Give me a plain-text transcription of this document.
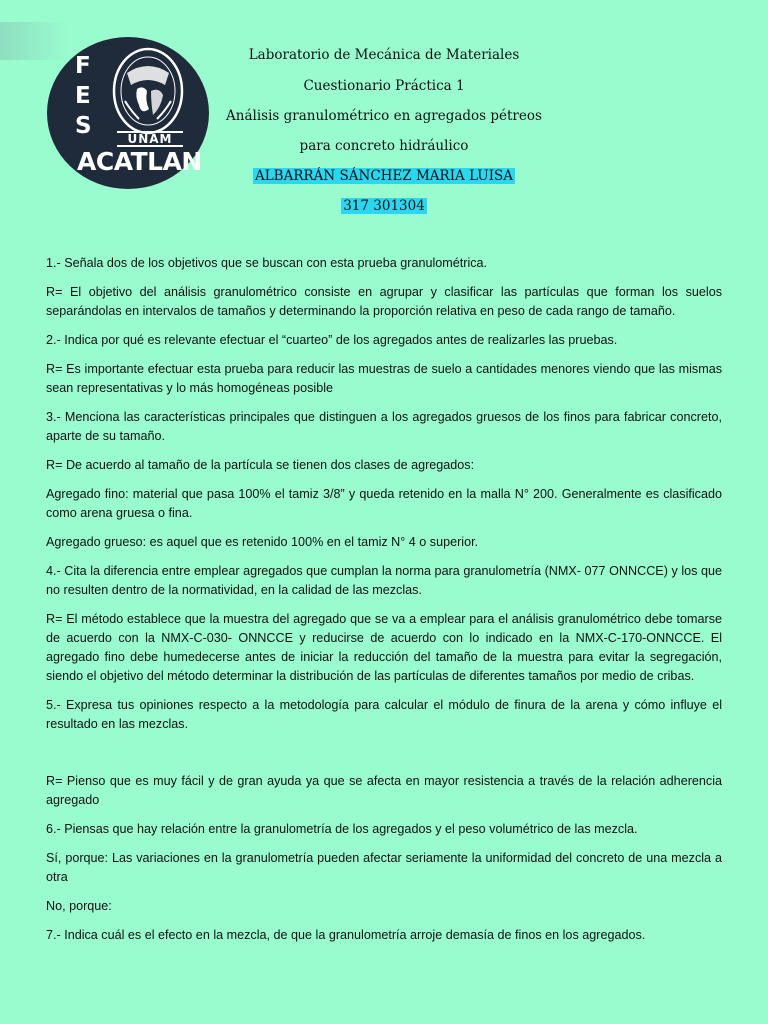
F
E
S	UNAM
ACATLAN
Laboratorio de Mecánica de Materiales
Cuestionario Práctica 1
Análisis granulométrico en agregados pétreos
para concreto hidráulico
ALBARRÁN SÁNCHEZ MARIA LUISA
317 301304

1.- Señala dos de los objetivos que se buscan con esta prueba granulométrica.

R= El objetivo del análisis granulométrico consiste en agrupar y clasificar las partículas que forman los suelos separándolas en intervalos de tamaños y determinando la proporción relativa en peso de cada rango de tamaño.

2.- Indica por qué es relevante efectuar el “cuarteo” de los agregados antes de realizarles las pruebas.

R= Es importante efectuar esta prueba para reducir las muestras de suelo a cantidades menores viendo que las mismas sean representativas y lo más homogéneas posible

3.- Menciona las características principales que distinguen a los agregados gruesos de los finos para fabricar concreto, aparte de su tamaño.

R= De acuerdo al tamaño de la partícula se tienen dos clases de agregados:

Agregado fino: material que pasa 100% el tamiz 3/8” y queda retenido en la malla N° 200. Generalmente es clasificado como arena gruesa o fina.

Agregado grueso: es aquel que es retenido 100% en el tamiz N° 4 o superior.

4.- Cita la diferencia entre emplear agregados que cumplan la norma para granulometría (NMX- 077 ONNCCE) y los que no resulten dentro de la normatividad, en la calidad de las mezclas.

R= El método establece que la muestra del agregado que se va a emplear para el análisis granulométrico debe tomarse de acuerdo con la NMX-C-030- ONNCCE y reducirse de acuerdo con lo indicado en la NMX-C-170-ONNCCE. El agregado fino debe humedecerse antes de iniciar la reducción del tamaño de la muestra para evitar la segregación, siendo el objetivo del método determinar la distribución de las partículas de diferentes tamaños por medio de cribas.

5.- Expresa tus opiniones respecto a la metodología para calcular el módulo de finura de la arena y cómo influye el resultado en las mezclas.

R= Pienso que es muy fácil y de gran ayuda ya que se afecta en mayor resistencia a través de la relación adherencia agregado

6.- Piensas que hay relación entre la granulometría de los agregados y el peso volumétrico de las mezcla.

Sí, porque: Las variaciones en la granulometría pueden afectar seriamente la uniformidad del concreto de una mezcla a otra

No, porque:

7.- Indica cuál es el efecto en la mezcla, de que la granulometría arroje demasía de finos en los agregados.
